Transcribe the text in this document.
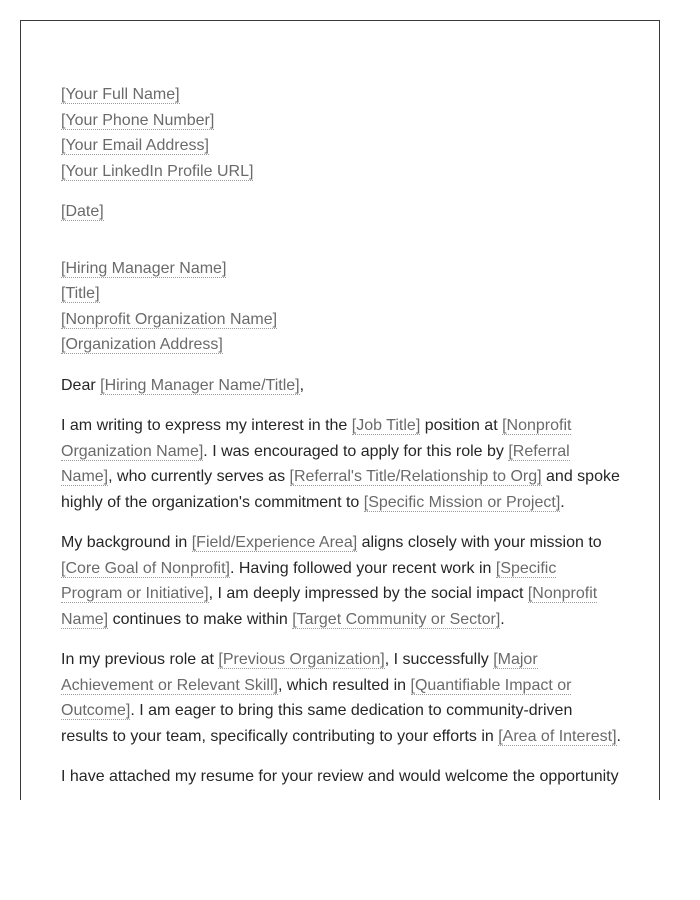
[Your Full Name]
[Your Phone Number]
[Your Email Address]
[Your LinkedIn Profile URL]
[Date]
[Hiring Manager Name]
[Title]
[Nonprofit Organization Name]
[Organization Address]

Dear [Hiring Manager Name/Title],

I am writing to express my interest in the [Job Title] position at [Nonprofit
Organization Name]. I was encouraged to apply for this role by [Referral
Name], who currently serves as [Referral's Title/Relationship to Org] and spoke
highly of the organization's commitment to [Specific Mission or Project].

My background in [Field/Experience Area] aligns closely with your mission to
[Core Goal of Nonprofit]. Having followed your recent work in [Specific
Program or Initiative], I am deeply impressed by the social impact [Nonprofit
Name] continues to make within [Target Community or Sector].

In my previous role at [Previous Organization], I successfully [Major
Achievement or Relevant Skill], which resulted in [Quantifiable Impact or
Outcome]. I am eager to bring this same dedication to community-driven
results to your team, specifically contributing to your efforts in [Area of Interest].

I have attached my resume for your review and would welcome the opportunity
